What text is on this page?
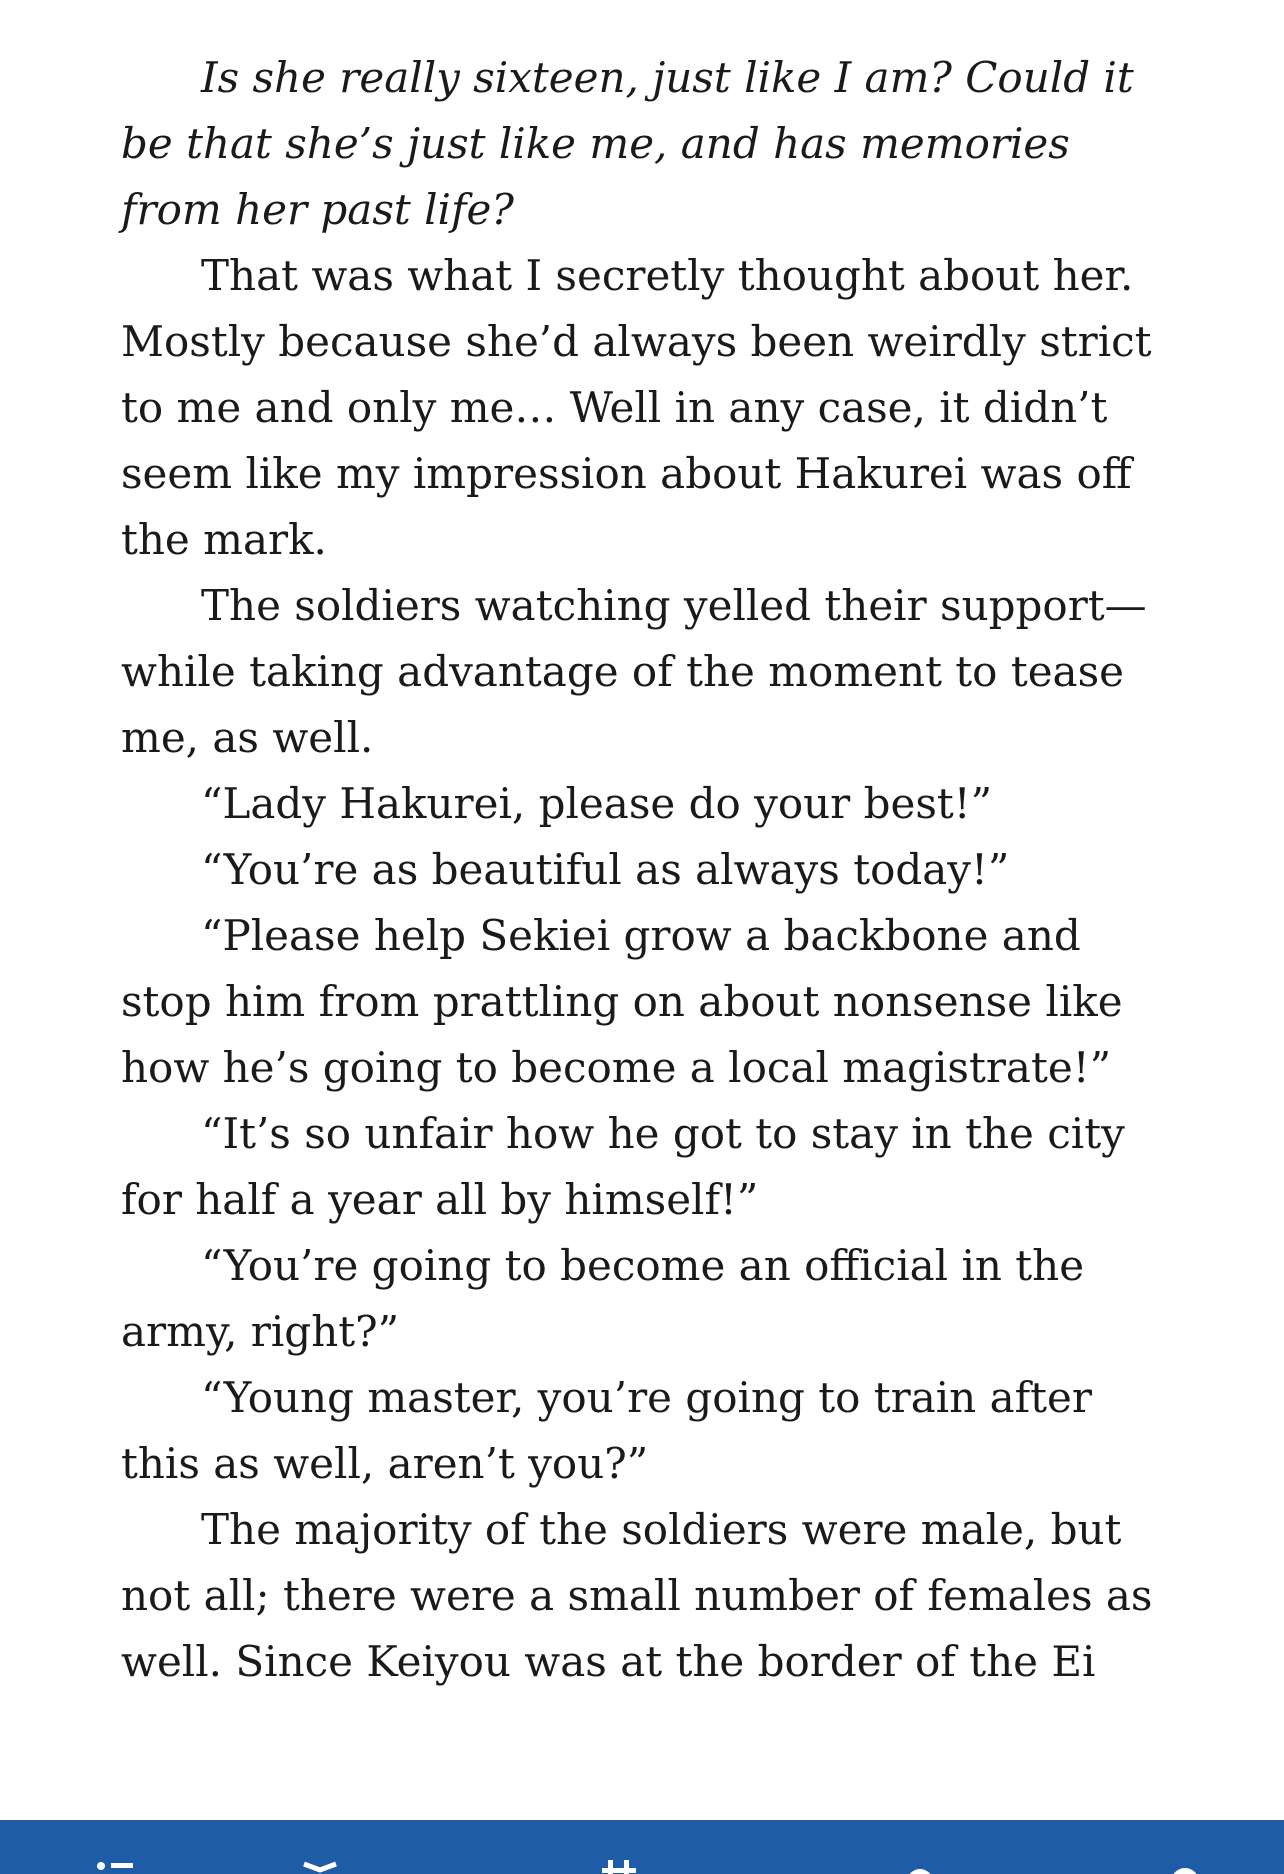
Is she really sixteen, just like I am? Could it be that she’s just like me, and has memories from her past life?

That was what I secretly thought about her. Mostly because she’d always been weirdly strict to me and only me… Well in any case, it didn’t seem like my impression about Hakurei was off the mark.

The soldiers watching yelled their support—while taking advantage of the moment to tease me, as well.

“Lady Hakurei, please do your best!”

“You’re as beautiful as always today!”

“Please help Sekiei grow a backbone and stop him from prattling on about nonsense like how he’s going to become a local magistrate!”

“It’s so unfair how he got to stay in the city for half a year all by himself!”

“You’re going to become an official in the army, right?”

“Young master, you’re going to train after this as well, aren’t you?”

The majority of the soldiers were male, but not all; there were a small number of females as well. Since Keiyou was at the border of the Ei
